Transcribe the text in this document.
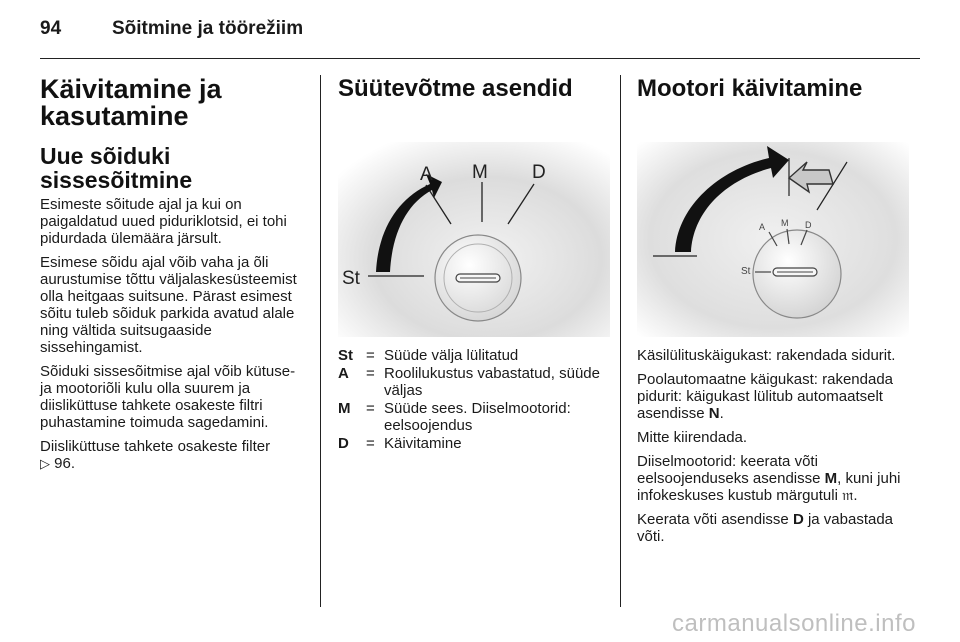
94	Sõitmine ja töörežiim
Käivitamine ja kasutamine
Uue sõiduki sissesõitmine

Esimeste sõitude ajal ja kui on paigaldatud uued piduriklotsid, ei tohi pidurdada ülemäära järsult.

Esimese sõidu ajal võib vaha ja õli aurustumise tõttu väljalaskesüsteemist olla heitgaas suitsune. Pärast esimest sõitu tuleb sõiduk parkida avatud alale ning vältida suitsugaaside sissehingamist.

Sõiduki sissesõitmise ajal võib kütuse- ja mootoriõli kulu olla suurem ja diisliküttuse tahkete osakeste filtri puhastamine toimuda sagedamini.

Diisliküttuse tahkete osakeste filter
▷ 96.

Süütevõtme asendid
A M D
St
St = Süüde välja lülitatud
A	= Roolilukustus vabastatud, süüde väljas
M	= Süüde sees. Diiselmootorid: eelsoojendus
D	= Käivitamine
Mootori käivitamine
A M D
St

Käsilülituskäigukast: rakendada sidurit.

Poolautomaatne käigukast: rakendada pidurit: käigukast lülitub automaatselt asendisse N.

Mitte kiirendada.

Diiselmootorid: keerata võti eelsoojenduseks asendisse M, kuni juhi infokeskuses kustub märgutuli 𝔪.

Keerata võti asendisse D ja vabastada võti.

carmanualsonline.info
